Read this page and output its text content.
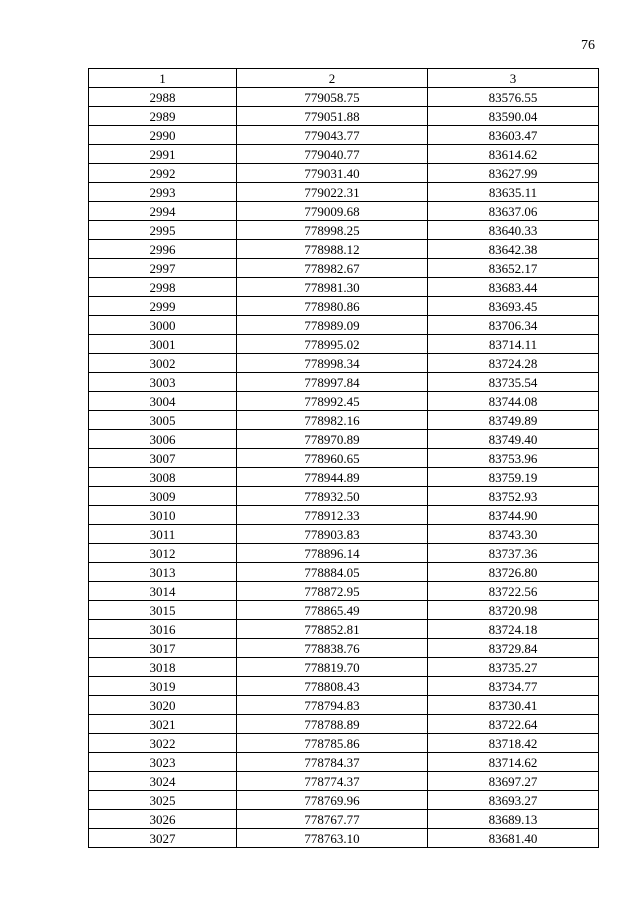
76
1	2	3
2988	779058.75	83576.55
2989	779051.88	83590.04
2990	779043.77	83603.47
2991	779040.77	83614.62
2992	779031.40	83627.99
2993	779022.31	83635.11
2994	779009.68	83637.06
2995	778998.25	83640.33
2996	778988.12	83642.38
2997	778982.67	83652.17
2998	778981.30	83683.44
2999	778980.86	83693.45
3000	778989.09	83706.34
3001	778995.02	83714.11
3002	778998.34	83724.28
3003	778997.84	83735.54
3004	778992.45	83744.08
3005	778982.16	83749.89
3006	778970.89	83749.40
3007	778960.65	83753.96
3008	778944.89	83759.19
3009	778932.50	83752.93
3010	778912.33	83744.90
3011	778903.83	83743.30
3012	778896.14	83737.36
3013	778884.05	83726.80
3014	778872.95	83722.56
3015	778865.49	83720.98
3016	778852.81	83724.18
3017	778838.76	83729.84
3018	778819.70	83735.27
3019	778808.43	83734.77
3020	778794.83	83730.41
3021	778788.89	83722.64
3022	778785.86	83718.42
3023	778784.37	83714.62
3024	778774.37	83697.27
3025	778769.96	83693.27
3026	778767.77	83689.13
3027	778763.10	83681.40
